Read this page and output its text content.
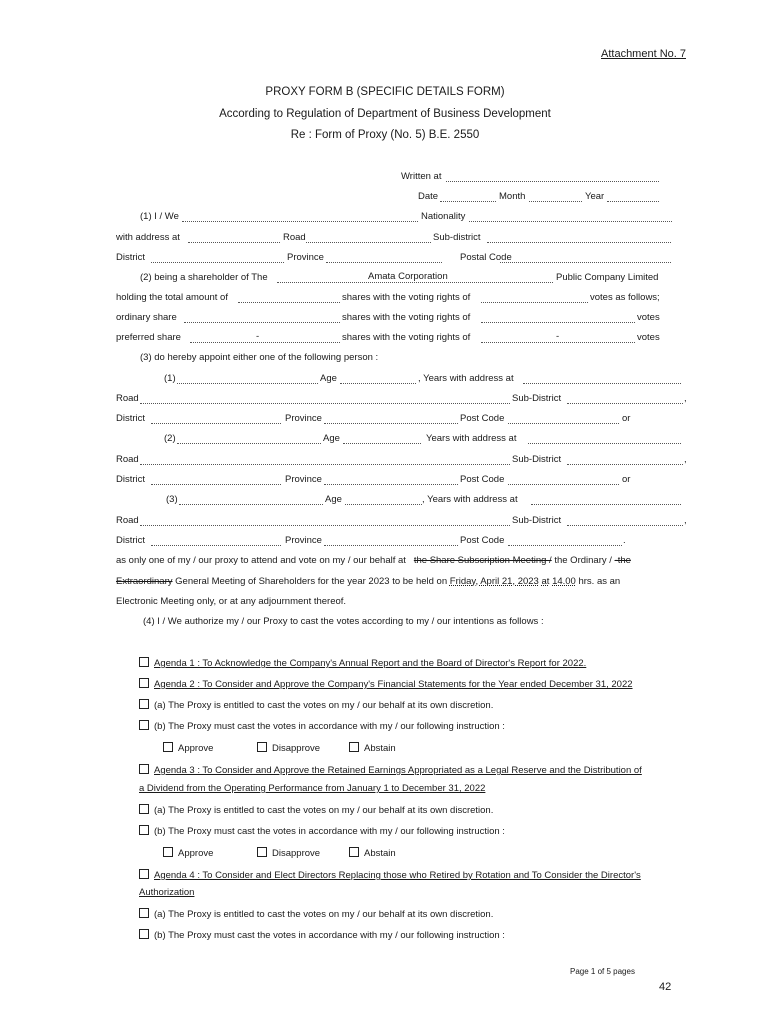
Attachment No. 7
PROXY FORM B (SPECIFIC DETAILS FORM)
According to Regulation of Department of Business Development
Re : Form of Proxy (No. 5) B.E. 2550
Written at
Date	Month	Year
(1) I / We	Nationality
with address at	Road	Sub-district
District	Province	Postal Code
(2) being a shareholder of The	Amata Corporation	Public Company Limited
holding the total amount of	shares with the voting rights of	votes as follows;
ordinary share	shares with the voting rights of	votes
preferred share	-	shares with the voting rights of	-	votes
(3) do hereby appoint either one of the following person :
(1)	Age	, Years with address at
Road	Sub-District	,
District	Province	Post Code	or
(2)	Age	Years with address at
Road	Sub-District	,
District	Province	Post Code	or
(3)	Age	, Years with address at
Road	Sub-District	,
District	Province	Post Code	.
as only one of my / our proxy to attend and vote on my / our behalf at the Share Subscription Meeting / the Ordinary / -the
Extraordinary General Meeting of Shareholders for the year 2023 to be held on Friday, April 21, 2023 at 14.00 hrs. as an
Electronic Meeting only, or at any adjournment thereof.
(4) I / We authorize my / our Proxy to cast the votes according to my / our intentions as follows :
Agenda 1 : To Acknowledge the Company's Annual Report and the Board of Director's Report for 2022.
Agenda 2 : To Consider and Approve the Company's Financial Statements for the Year ended December 31, 2022
(a) The Proxy is entitled to cast the votes on my / our behalf at its own discretion.
(b) The Proxy must cast the votes in accordance with my / our following instruction :
Approve	Disapprove	Abstain
Agenda 3 : To Consider and Approve the Retained Earnings Appropriated as a Legal Reserve and the Distribution of
a Dividend from the Operating Performance from January 1 to December 31, 2022
(a) The Proxy is entitled to cast the votes on my / our behalf at its own discretion.
(b) The Proxy must cast the votes in accordance with my / our following instruction :
Approve	Disapprove	Abstain
Agenda 4 : To Consider and Elect Directors Replacing those who Retired by Rotation and To Consider the Director's
Authorization
(a) The Proxy is entitled to cast the votes on my / our behalf at its own discretion.
(b) The Proxy must cast the votes in accordance with my / our following instruction :
Page 1 of 5 pages
42
